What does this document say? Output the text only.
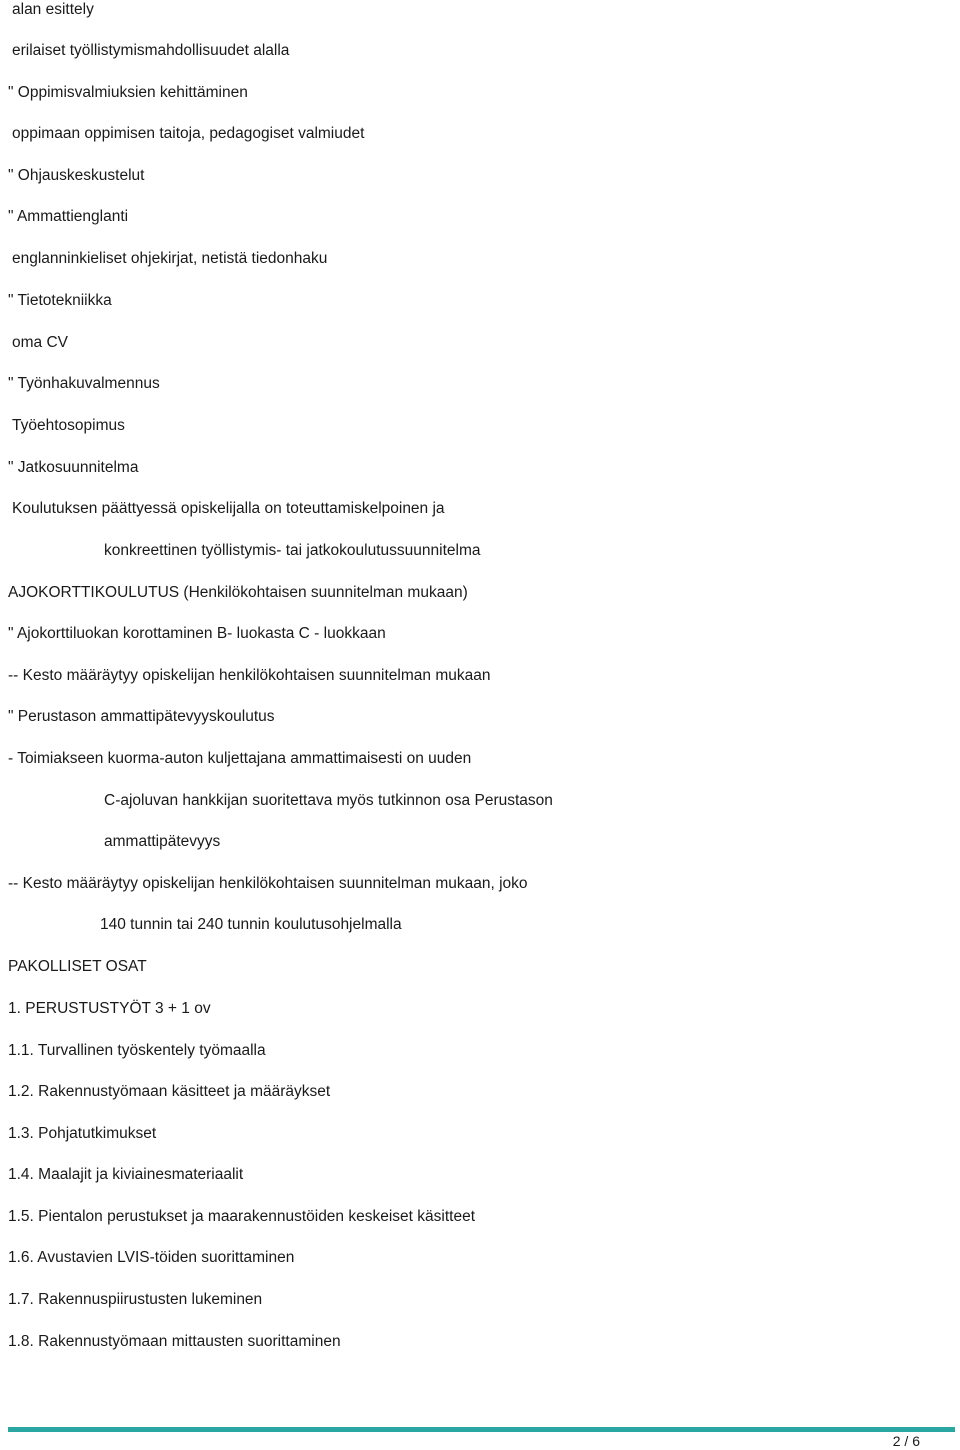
alan esittely
erilaiset työllistymismahdollisuudet alalla
" Oppimisvalmiuksien kehittäminen
oppimaan oppimisen taitoja, pedagogiset valmiudet
" Ohjauskeskustelut
" Ammattienglanti
englanninkieliset ohjekirjat, netistä tiedonhaku
" Tietotekniikka
oma CV
" Työnhakuvalmennus
Työehtosopimus
" Jatkosuunnitelma
Koulutuksen päättyessä opiskelijalla on toteuttamiskelpoinen ja
konkreettinen työllistymis- tai jatkokoulutussuunnitelma
AJOKORTTIKOULUTUS (Henkilökohtaisen suunnitelman mukaan)
" Ajokorttiluokan korottaminen B- luokasta C - luokkaan
-- Kesto määräytyy opiskelijan henkilökohtaisen suunnitelman mukaan
" Perustason ammattipätevyyskoulutus
- Toimiakseen kuorma-auton kuljettajana ammattimaisesti on uuden
C-ajoluvan hankkijan suoritettava myös tutkinnon osa Perustason
ammattipätevyys
-- Kesto määräytyy opiskelijan henkilökohtaisen suunnitelman mukaan, joko
140 tunnin tai 240 tunnin koulutusohjelmalla
PAKOLLISET OSAT
1. PERUSTUSTYÖT 3 + 1 ov
1.1. Turvallinen työskentely työmaalla
1.2. Rakennustyömaan käsitteet ja määräykset
1.3. Pohjatutkimukset
1.4. Maalajit ja kiviainesmateriaalit
1.5. Pientalon perustukset ja maarakennustöiden keskeiset käsitteet
1.6. Avustavien LVIS-töiden suorittaminen
1.7. Rakennuspiirustusten lukeminen
1.8. Rakennustyömaan mittausten suorittaminen
2 / 6
